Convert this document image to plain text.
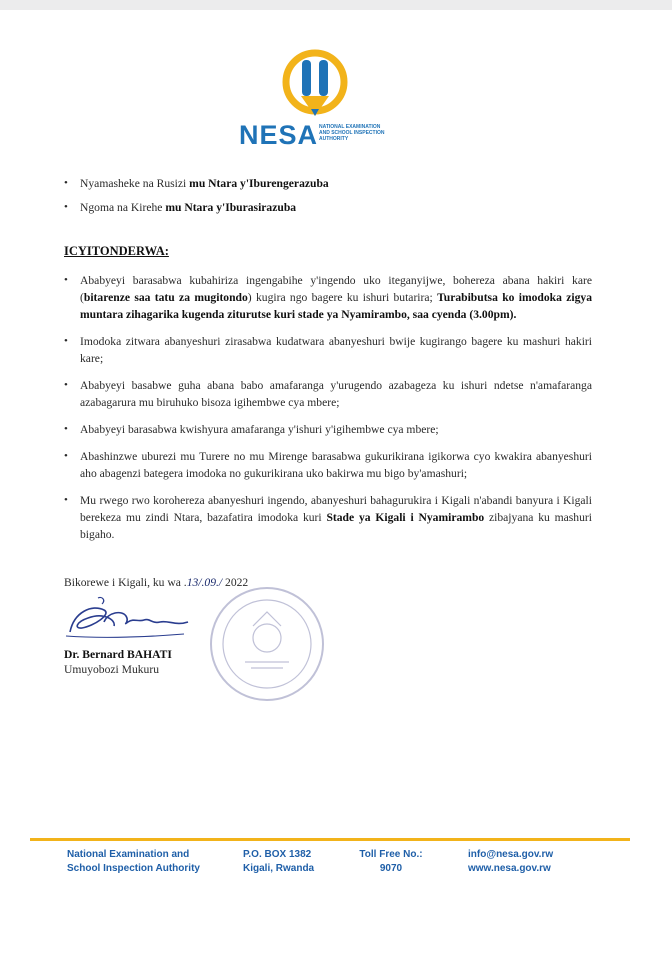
NESA NATIONAL EXAMINATION
AND SCHOOL INSPECTION
AUTHORITY
• Nyamasheke na Rusizi mu Ntara y'Iburengerazuba
• Ngoma na Kirehe mu Ntara y'Iburasirazuba
ICYITONDERWA:
• Ababyeyi barasabwa kubahiriza ingengabihe y'ingendo uko iteganyijwe, bohereza abana hakiri kare (bitarenze saa tatu za mugitondo) kugira ngo bagere ku ishuri butarira; Turabibutsa ko imodoka zigya muntara zihagarika kugenda ziturutse kuri stade ya Nyamirambo, saa cyenda (3.00pm).
• Imodoka zitwara abanyeshuri zirasabwa kudatwara abanyeshuri bwije kugirango bagere ku mashuri hakiri kare;
• Ababyeyi basabwe guha abana babo amafaranga y'urugendo azabageza ku ishuri ndetse n'amafaranga azabagarura mu biruhuko bisoza igihembwe cya mbere;
• Ababyeyi barasabwa kwishyura amafaranga y'ishuri y'igihembwe cya mbere;
• Abashinzwe uburezi mu Turere no mu Mirenge barasabwa gukurikirana igikorwa cyo kwakira abanyeshuri aho abagenzi bategera imodoka no gukurikirana uko bakirwa mu bigo by'amashuri;
• Mu rwego rwo korohereza abanyeshuri ingendo, abanyeshuri bahagurukira i Kigali n'abandi banyura i Kigali berekeza mu zindi Ntara, bazafatira imodoka kuri Stade ya Kigali i Nyamirambo zibajyana ku mashuri bigaho.
Bikorewe i Kigali, ku wa .13/.09./ 2022
Dr. Bernard BAHATI
Umuyobozi Mukuru
National Examination and
School Inspection Authority
P.O. BOX 1382
Kigali, Rwanda
Toll Free No.:
9070
info@nesa.gov.rw
www.nesa.gov.rw
